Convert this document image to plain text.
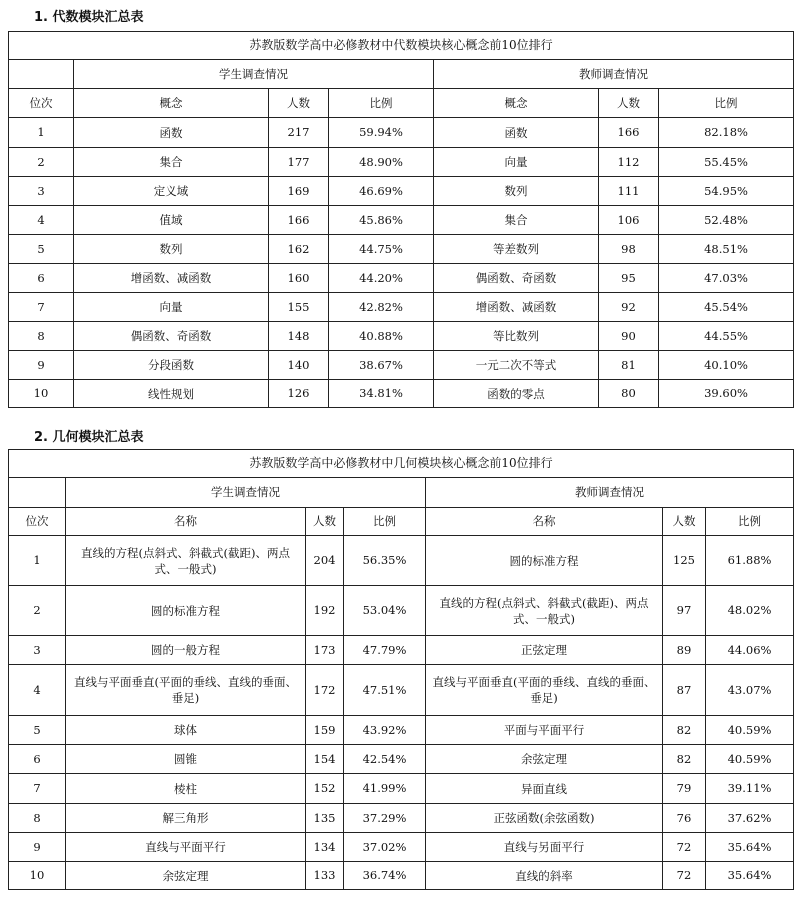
1. 代数模块汇总表
苏教版数学高中必修教材中代数模块核心概念前10位排行						
	学生调查情况			教师调查情况		
位次	概念	人数	比例	概念	人数	比例
1	函数	217	59.94%	函数	166	82.18%
2	集合	177	48.90%	向量	112	55.45%
3	定义域	169	46.69%	数列	111	54.95%
4	值域	166	45.86%	集合	106	52.48%
5	数列	162	44.75%	等差数列	98	48.51%
6	增函数、减函数	160	44.20%	偶函数、奇函数	95	47.03%
7	向量	155	42.82%	增函数、减函数	92	45.54%
8	偶函数、奇函数	148	40.88%	等比数列	90	44.55%
9	分段函数	140	38.67%	一元二次不等式	81	40.10%
10	线性规划	126	34.81%	函数的零点	80	39.60%
2. 几何模块汇总表
苏教版数学高中必修教材中几何模块核心概念前10位排行						
	学生调查情况			教师调查情况		
位次	名称	人数	比例	名称	人数	比例
1	直线的方程(点斜式、斜截式(截距)、两点式、一般式)	204	56.35%	圆的标准方程	125	61.88%
2	圆的标准方程	192	53.04%	直线的方程(点斜式、斜截式(截距)、两点式、一般式)	97	48.02%
3	圆的一般方程	173	47.79%	正弦定理	89	44.06%
4	直线与平面垂直(平面的垂线、直线的垂面、垂足)	172	47.51%	直线与平面垂直(平面的垂线、直线的垂面、垂足)	87	43.07%
5	球体	159	43.92%	平面与平面平行	82	40.59%
6	圆锥	154	42.54%	余弦定理	82	40.59%
7	棱柱	152	41.99%	异面直线	79	39.11%
8	解三角形	135	37.29%	正弦函数(余弦函数)	76	37.62%
9	直线与平面平行	134	37.02%	直线与另面平行	72	35.64%
10	余弦定理	133	36.74%	直线的斜率	72	35.64%
